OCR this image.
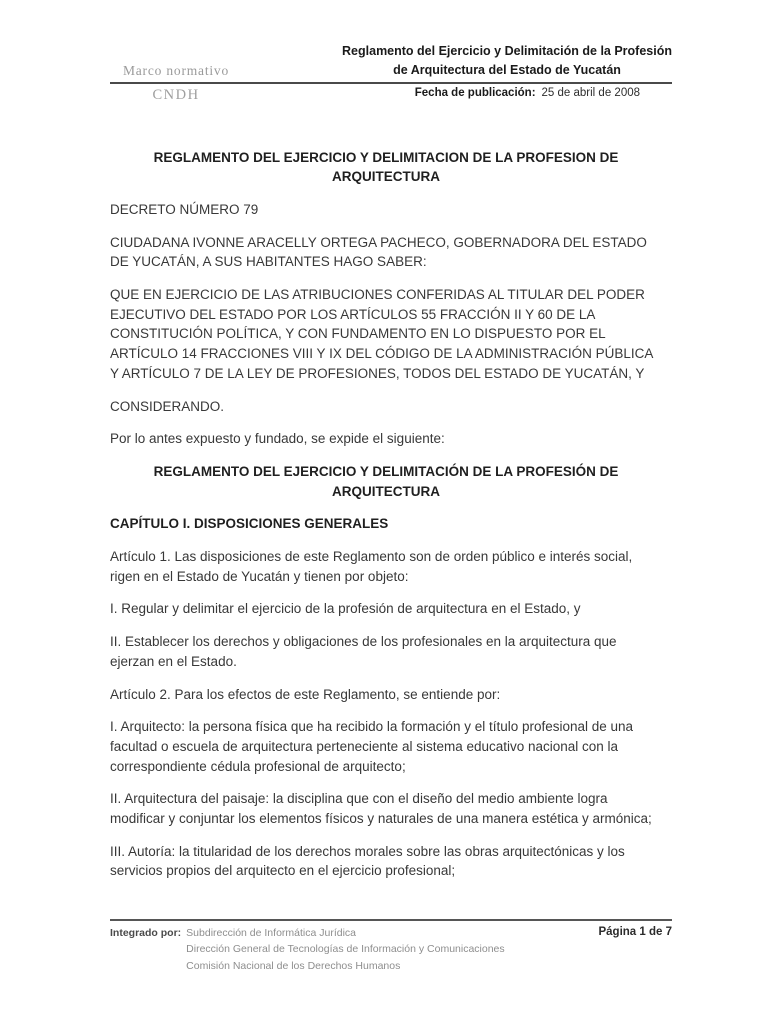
Marco normativo
Reglamento del Ejercicio y Delimitación de la Profesión
de Arquitectura del Estado de Yucatán
CNDH	Fecha de publicación: 25 de abril de 2008
REGLAMENTO DEL EJERCICIO Y DELIMITACION DE LA PROFESION DE ARQUITECTURA
DECRETO NÚMERO 79
CIUDADANA IVONNE ARACELLY ORTEGA PACHECO, GOBERNADORA DEL ESTADO DE YUCATÁN, A SUS HABITANTES HAGO SABER:
QUE EN EJERCICIO DE LAS ATRIBUCIONES CONFERIDAS AL TITULAR DEL PODER EJECUTIVO DEL ESTADO POR LOS ARTÍCULOS 55 FRACCIÓN II Y 60 DE LA CONSTITUCIÓN POLÍTICA, Y CON FUNDAMENTO EN LO DISPUESTO POR EL ARTÍCULO 14 FRACCIONES VIII Y IX DEL CÓDIGO DE LA ADMINISTRACIÓN PÚBLICA Y ARTÍCULO 7 DE LA LEY DE PROFESIONES, TODOS DEL ESTADO DE YUCATÁN, Y
CONSIDERANDO.
Por lo antes expuesto y fundado, se expide el siguiente:
REGLAMENTO DEL EJERCICIO Y DELIMITACIÓN DE LA PROFESIÓN DE ARQUITECTURA
CAPÍTULO I. DISPOSICIONES GENERALES
Artículo 1. Las disposiciones de este Reglamento son de orden público e interés social, rigen en el Estado de Yucatán y tienen por objeto:
I. Regular y delimitar el ejercicio de la profesión de arquitectura en el Estado, y
II. Establecer los derechos y obligaciones de los profesionales en la arquitectura que ejerzan en el Estado.
Artículo 2. Para los efectos de este Reglamento, se entiende por:
I. Arquitecto: la persona física que ha recibido la formación y el título profesional de una facultad o escuela de arquitectura perteneciente al sistema educativo nacional con la correspondiente cédula profesional de arquitecto;
II. Arquitectura del paisaje: la disciplina que con el diseño del medio ambiente logra modificar y conjuntar los elementos físicos y naturales de una manera estética y armónica;
III. Autoría: la titularidad de los derechos morales sobre las obras arquitectónicas y los servicios propios del arquitecto en el ejercicio profesional;
Integrado por: Subdirección de Informática Jurídica
Dirección General de Tecnologías de Información y Comunicaciones
Comisión Nacional de los Derechos Humanos
Página 1 de 7
